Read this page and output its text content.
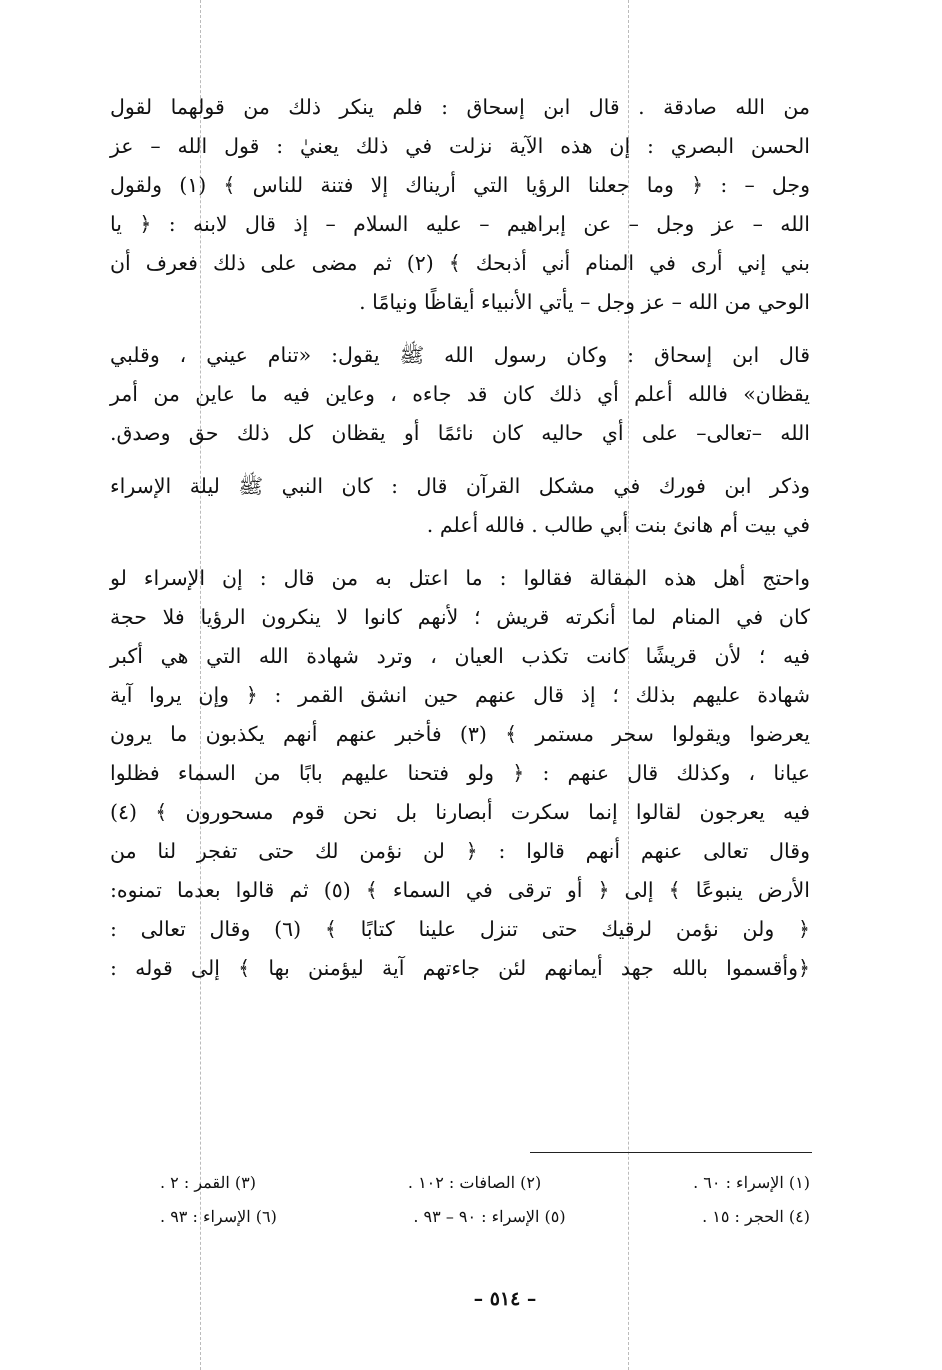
من الله صادقة . قال ابن إسحاق : فلم ينكر ذلك من قولهما لقول
الحسن البصري : إن هذه الآية نزلت في ذلك يعنيٰ : قول الله – عز
وجل – : ﴿ وما جعلنا الرؤيا التي أريناك إلا فتنة للناس ﴾ (١) ولقول
الله – عز وجل – عن إبراهيم – عليه السلام – إذ قال لابنه : ﴿ يا
بني إني أرى في المنام أني أذبحك ﴾ (٢) ثم مضى على ذلك فعرف أن
الوحي من الله – عز وجل – يأتي الأنبياء أيقاظًا ونيامًا .

قال ابن إسحاق : وكان رسول الله ﷺ يقول: «تنام عيني ، وقلبي
يقظان» فالله أعلم أي ذلك كان قد جاءه ، وعاين فيه ما عاين من أمر
الله –تعالى– على أي حاليه كان نائمًا أو يقظان كل ذلك حق وصدق.

وذكر ابن فورك في مشكل القرآن قال : كان النبي ﷺ ليلة الإسراء
في بيت أم هانئ بنت أبي طالب . فالله أعلم .

واحتج أهل هذه المقالة فقالوا : ما اعتل به من قال : إن الإسراء لو
كان في المنام لما أنكرته قريش ؛ لأنهم كانوا لا ينكرون الرؤيا فلا حجة
فيه ؛ لأن قريشًا كانت تكذب العيان ، وترد شهادة الله التي هي أكبر
شهادة عليهم بذلك ؛ إذ قال عنهم حين انشق القمر : ﴿ وإن يروا آية
يعرضوا ويقولوا سحر مستمر ﴾ (٣) فأخبر عنهم أنهم يكذبون ما يرون
عيانا ، وكذلك قال عنهم : ﴿ ولو فتحنا عليهم بابًا من السماء فظلوا
فيه يعرجون لقالوا إنما سكرت أبصارنا بل نحن قوم مسحورون ﴾ (٤)
وقال تعالى عنهم أنهم قالوا : ﴿ لن نؤمن لك حتى تفجر لنا من
الأرض ينبوعًا ﴾ إلى ﴿ أو ترقى في السماء ﴾ (٥) ثم قالوا بعدما تمنوه:
﴿ ولن نؤمن لرقيك حتى تنزل علينا كتابًا ﴾ (٦) وقال تعالى :
﴿وأقسموا بالله جهد أيمانهم لئن جاءتهم آية ليؤمنن بها ﴾ إلى قوله :

(١) الإسراء : ٦٠ .
(٢) الصافات : ١٠٢ .
(٣) القمر : ٢ .
(٤) الحجر : ١٥ .
(٥) الإسراء : ٩٠ – ٩٣ .
(٦) الإسراء : ٩٣ .
– ٥١٤ –
